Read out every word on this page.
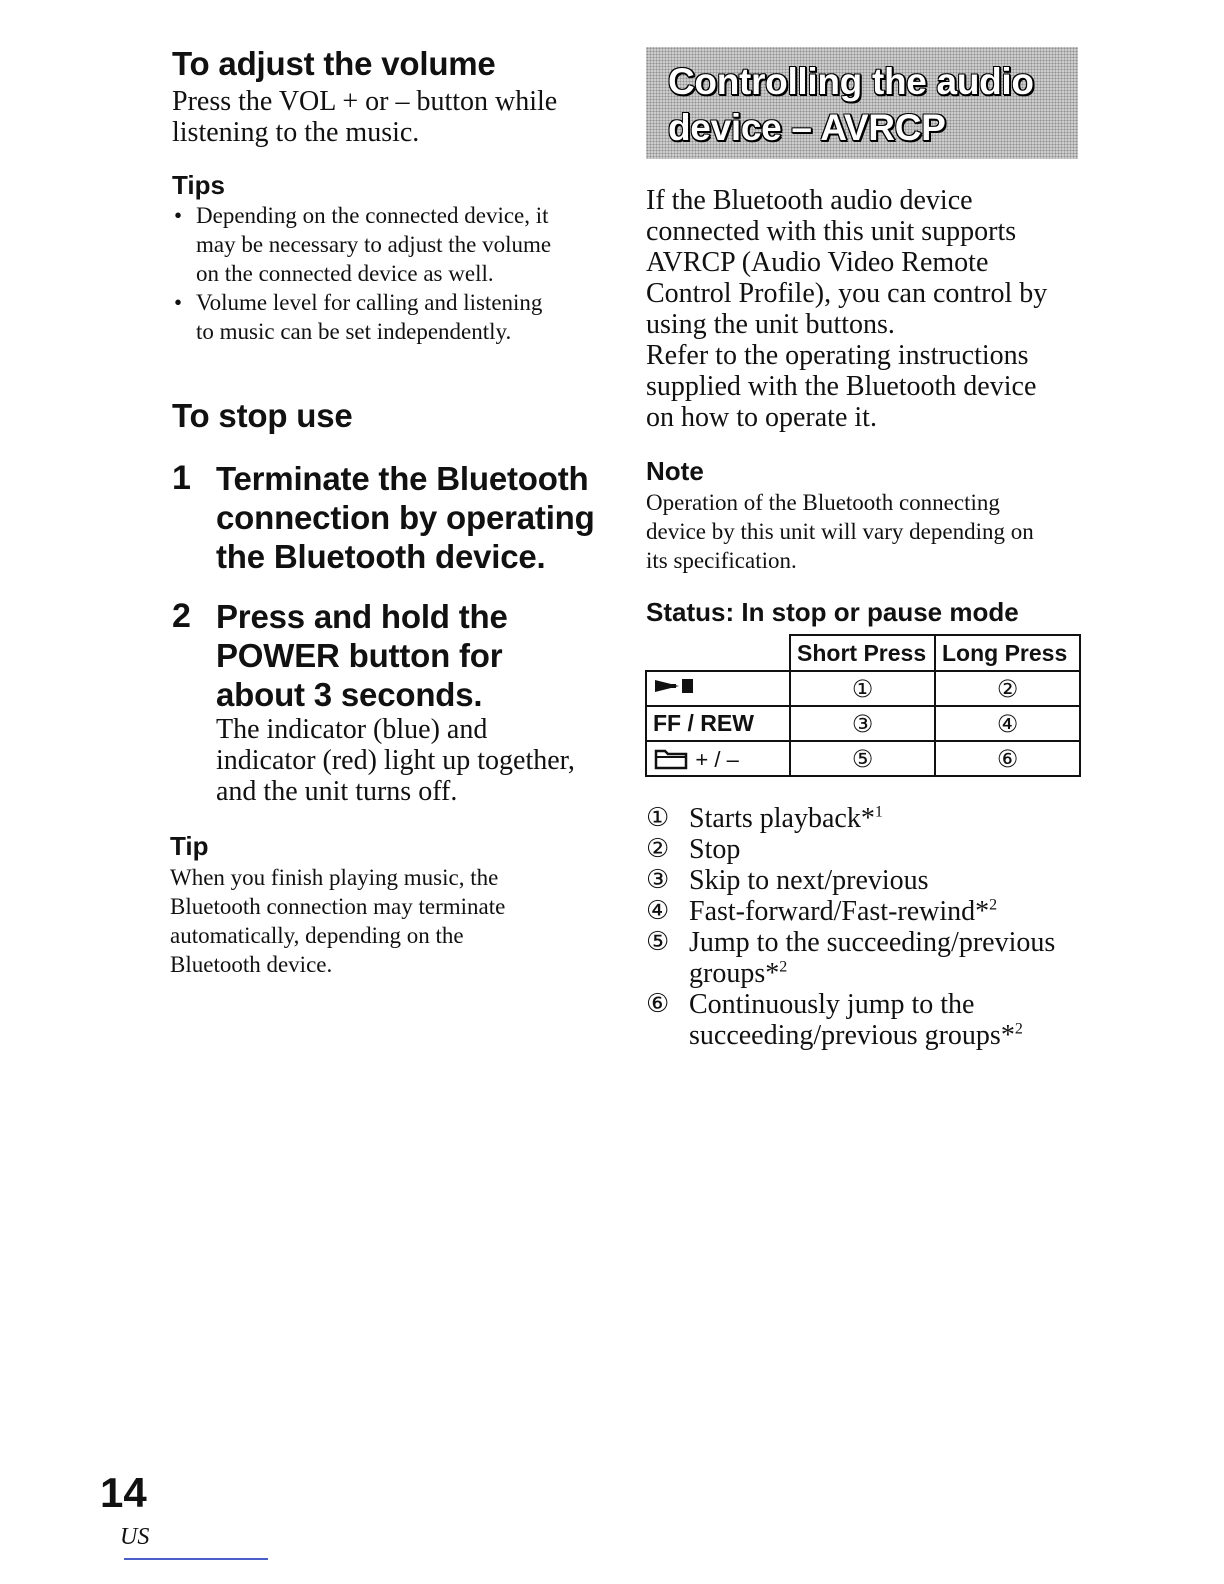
To adjust the volume
Press the VOL + or – button while
listening to the music.
Tips
• Depending on the connected device, it
may be necessary to adjust the volume
on the connected device as well.
• Volume level for calling and listening
to music can be set independently.
To stop use
1 Terminate the Bluetooth
connection by operating
the Bluetooth device.
2 Press and hold the
POWER button for
about 3 seconds.
The indicator (blue) and
indicator (red) light up together,
and the unit turns off.
Tip
When you finish playing music, the
Bluetooth connection may terminate
automatically, depending on the
Bluetooth device.
Controlling the audio
device – AVRCP
If the Bluetooth audio device
connected with this unit supports
AVRCP (Audio Video Remote
Control Profile), you can control by
using the unit buttons.
Refer to the operating instructions
supplied with the Bluetooth device
on how to operate it.
Note
Operation of the Bluetooth connecting
device by this unit will vary depending on
its specification.
Status: In stop or pause mode
	Short Press	Long Press
	①	②
FF / REW	③	④
+ / –	⑤	⑥
① Starts playback*$^1$
② Stop
③ Skip to next/previous
④ Fast-forward/Fast-rewind*$^2$
⑤ Jump to the succeeding/previous groups*$^2$
⑥ Continuously jump to the succeeding/previous groups*$^2$
14
US
